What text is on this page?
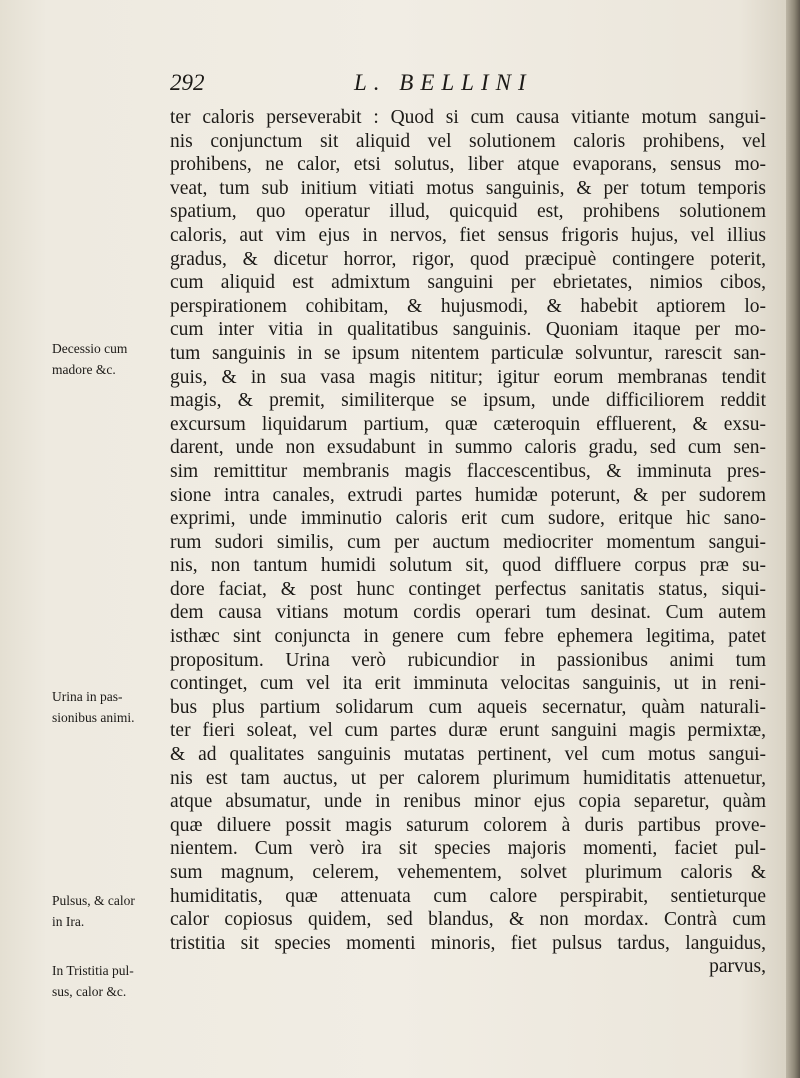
292	L. BELLINI
ter caloris perseverabit : Quod si cum causa vitiante motum sangui-
nis conjunctum sit aliquid vel solutionem caloris prohibens, vel
prohibens, ne calor, etsi solutus, liber atque evaporans, sensus mo-
veat, tum sub initium vitiati motus sanguinis, & per totum temporis
spatium, quo operatur illud, quicquid est, prohibens solutionem
caloris, aut vim ejus in nervos, fiet sensus frigoris hujus, vel illius
gradus, & dicetur horror, rigor, quod præcipuè contingere poterit,
cum aliquid est admixtum sanguini per ebrietates, nimios cibos,
perspirationem cohibitam, & hujusmodi, & habebit aptiorem lo-
cum inter vitia in qualitatibus sanguinis. Quoniam itaque per mo-
tum sanguinis in se ipsum nitentem particulæ solvuntur, rarescit san-
guis, & in sua vasa magis nititur; igitur eorum membranas tendit
magis, & premit, similiterque se ipsum, unde difficiliorem reddit
excursum liquidarum partium, quæ cæteroquin effluerent, & exsu-
darent, unde non exsudabunt in summo caloris gradu, sed cum sen-
sim remittitur membranis magis flaccescentibus, & imminuta pres-
sione intra canales, extrudi partes humidæ poterunt, & per sudorem
exprimi, unde imminutio caloris erit cum sudore, eritque hic sano-
rum sudori similis, cum per auctum mediocriter momentum sangui-
nis, non tantum humidi solutum sit, quod diffluere corpus præ su-
dore faciat, & post hunc continget perfectus sanitatis status, siqui-
dem causa vitians motum cordis operari tum desinat. Cum autem
isthæc sint conjuncta in genere cum febre ephemera legitima, patet
propositum. Urina verò rubicundior in passionibus animi tum
continget, cum vel ita erit imminuta velocitas sanguinis, ut in reni-
bus plus partium solidarum cum aqueis secernatur, quàm naturali-
ter fieri soleat, vel cum partes duræ erunt sanguini magis permixtæ,
& ad qualitates sanguinis mutatas pertinent, vel cum motus sangui-
nis est tam auctus, ut per calorem plurimum humiditatis attenuetur,
atque absumatur, unde in renibus minor ejus copia separetur, quàm
quæ diluere possit magis saturum colorem à duris partibus prove-
nientem. Cum verò ira sit species majoris momenti, faciet pul-
sum magnum, celerem, vehementem, solvet plurimum caloris &
humiditatis, quæ attenuata cum calore perspirabit, sentieturque
calor copiosus quidem, sed blandus, & non mordax. Contrà cum
tristitia sit species momenti minoris, fiet pulsus tardus, languidus,
parvus,
Decessio cum
madore &c.
Urina in pas-
sionibus animi.
Pulsus, & calor
in Ira.
In Tristitia pul-
sus, calor &c.
